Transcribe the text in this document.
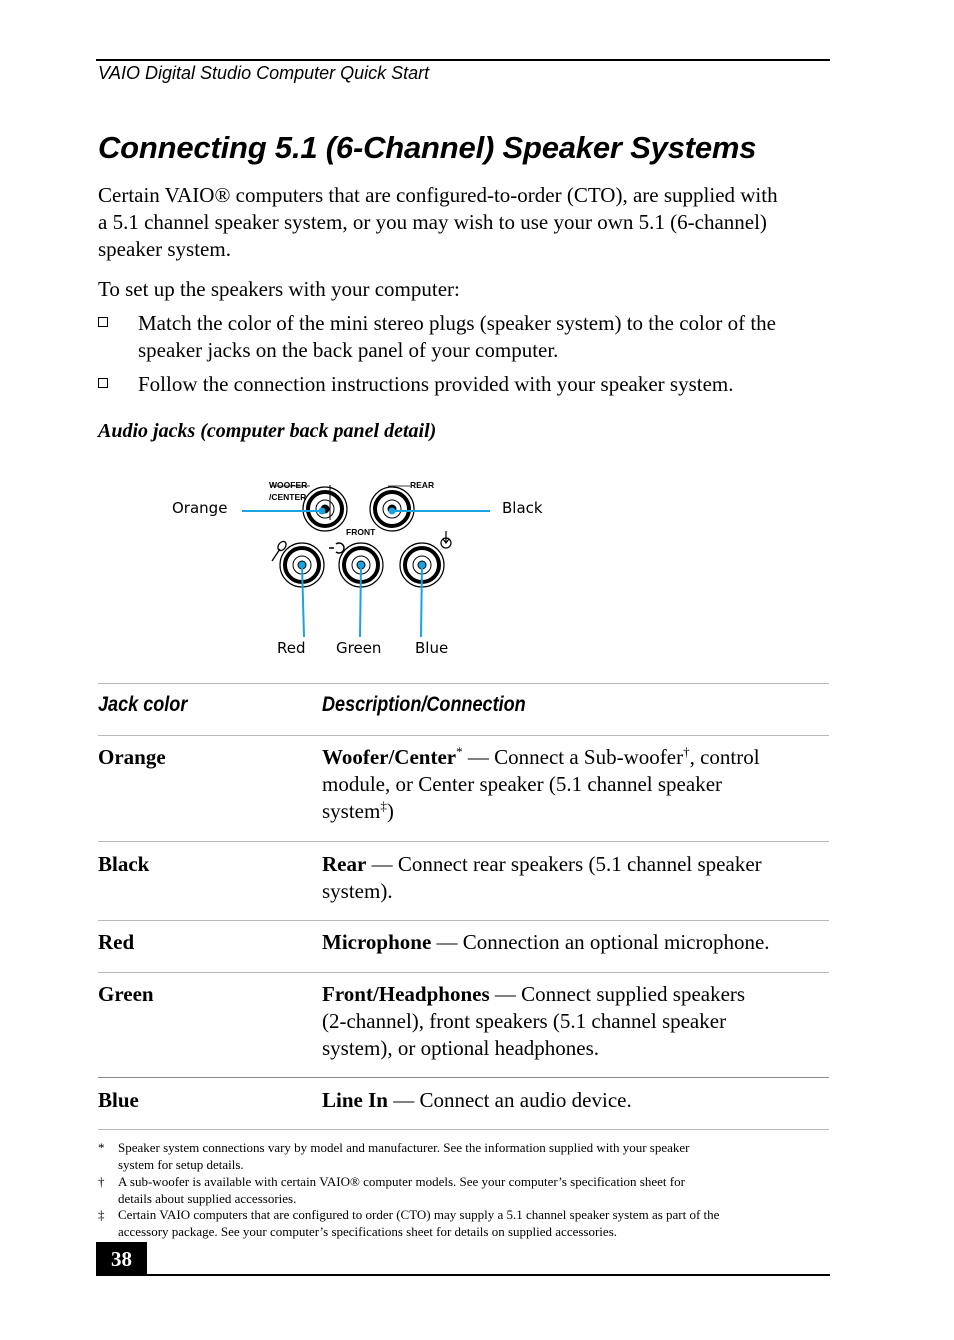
VAIO Digital Studio Computer Quick Start
Connecting 5.1 (6-Channel) Speaker Systems
Certain VAIO® computers that are configured-to-order (CTO), are supplied with
a 5.1 channel speaker system, or you may wish to use your own 5.1 (6-channel)
speaker system.
To set up the speakers with your computer:
Match the color of the mini stereo plugs (speaker system) to the color of the
speaker jacks on the back panel of your computer.
Follow the connection instructions provided with your speaker system.
Audio jacks (computer back panel detail)
WOOFER
/CENTER
REAR
FRONT
Orange	Black
Red Green Blue
Jack color	Description/Connection
Orange	Woofer/Center* — Connect a Sub-woofer†, control
module, or Center speaker (5.1 channel speaker
system‡)
Black	Rear — Connect rear speakers (5.1 channel speaker
system).
Red	Microphone — Connection an optional microphone.
Green	Front/Headphones — Connect supplied speakers
(2-channel), front speakers (5.1 channel speaker
system), or optional headphones.
Blue	Line In — Connect an audio device.
* Speaker system connections vary by model and manufacturer. See the information supplied with your speaker
system for setup details.
† A sub-woofer is available with certain VAIO® computer models. See your computer’s specification sheet for
details about supplied accessories.
‡ Certain VAIO computers that are configured to order (CTO) may supply a 5.1 channel speaker system as part of the
accessory package. See your computer’s specifications sheet for details on supplied accessories.
38
